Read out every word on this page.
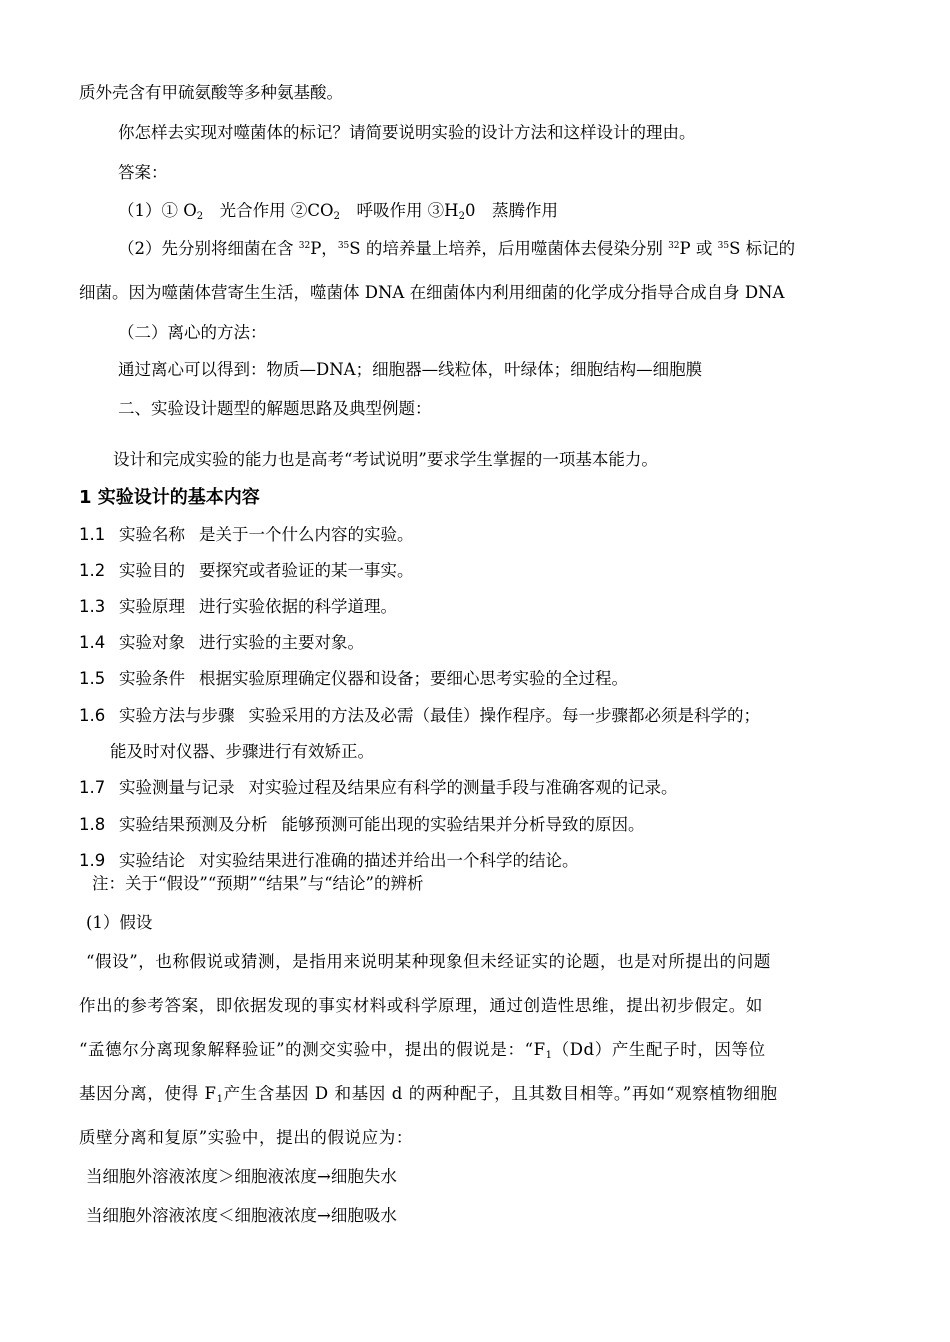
质外壳含有甲硫氨酸等多种氨基酸。
你怎样去实现对噬菌体的标记？请简要说明实验的设计方法和这样设计的理由。
答案：
（1）① $O_2$　光合作用 $②CO_2$　呼吸作用 $③H_20$　蒸腾作用
（2）先分别将细菌在含 $^{32}$P，$^{35}$S 的培养量上培养，后用噬菌体去侵染分别 $^{32}$P 或 $^{35}$S 标记的
细菌。因为噬菌体营寄生生活，噬菌体 DNA 在细菌体内利用细菌的化学成分指导合成自身 DNA
（二）离心的方法：
通过离心可以得到：物质—DNA；细胞器—线粒体，叶绿体；细胞结构—细胞膜
二、实验设计题型的解题思路及典型例题：
设计和完成实验的能力也是高考“考试说明”要求学生掌握的一项基本能力。
1 实验设计的基本内容
1.1 实验名称 是关于一个什么内容的实验。
1.2 实验目的 要探究或者验证的某一事实。
1.3 实验原理 进行实验依据的科学道理。
1.4 实验对象 进行实验的主要对象。
1.5 实验条件 根据实验原理确定仪器和设备；要细心思考实验的全过程。
1.6 实验方法与步骤 实验采用的方法及必需（最佳）操作程序。每一步骤都必须是科学的；
能及时对仪器、步骤进行有效矫正。
1.7 实验测量与记录 对实验过程及结果应有科学的测量手段与准确客观的记录。
1.8 实验结果预测及分析 能够预测可能出现的实验结果并分析导致的原因。
1.9 实验结论 对实验结果进行准确的描述并给出一个科学的结论。
注：关于“假设”“预期”“结果”与“结论”的辨析
(1）假设
“假设”，也称假说或猜测，是指用来说明某种现象但未经证实的论题，也是对所提出的问题
作出的参考答案，即依据发现的事实材料或科学原理，通过创造性思维，提出初步假定。如
“孟德尔分离现象解释验证”的测交实验中，提出的假说是：“$F_1(Dd)$产生配子时，因等位
基因分离，使得 $F_1$产生含基因 D 和基因 d 的两种配子，且其数目相等。”再如“观察植物细胞
质壁分离和复原”实验中，提出的假说应为：
当细胞外溶液浓度＞细胞液浓度→细胞失水
当细胞外溶液浓度＜细胞液浓度→细胞吸水
